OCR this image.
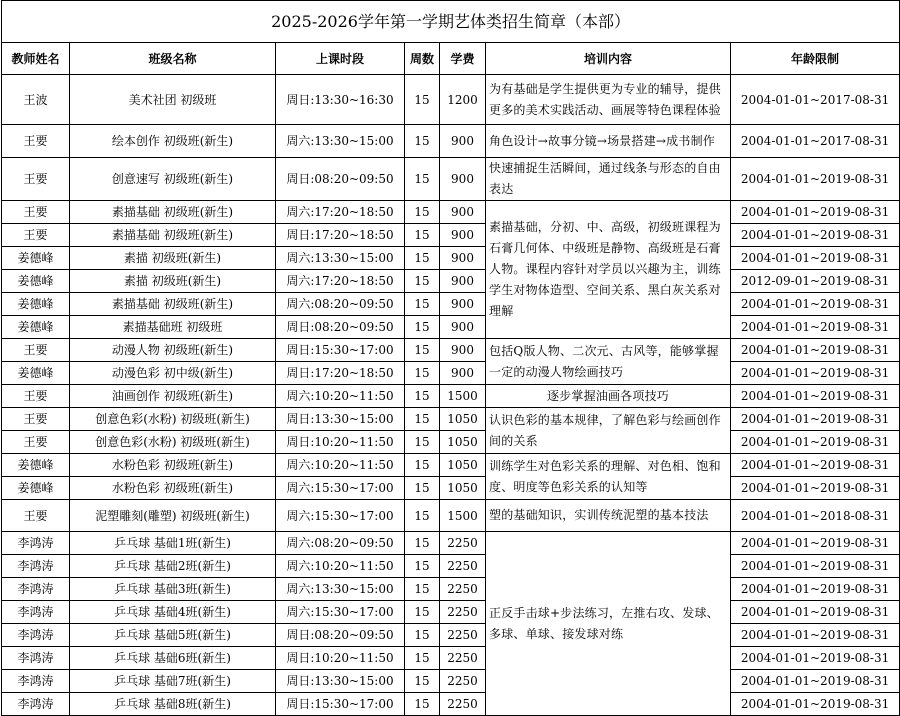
2025-2026学年第一学期艺体类招生简章（本部）						
教师姓名	班级名称	上课时段	周数	学费	培训内容	年龄限制
王波	美术社团 初级班	周日:13:30~16:30	15	1200	为有基础是学生提供更为专业的辅导，提供更多的美术实践活动、画展等特色课程体验	2004-01-01~2017-08-31
王要	绘本创作 初级班(新生)	周六:13:30~15:00	15	900	角色设计→故事分镜→场景搭建→成书制作	2004-01-01~2017-08-31
王要	创意速写 初级班(新生)	周日:08:20~09:50	15	900	快速捕捉生活瞬间，通过线条与形态的自由表达	2004-01-01~2019-08-31
王要	素描基础 初级班(新生)	周六:17:20~18:50	15	900	素描基础，分初、中、高级，初级班课程为石膏几何体、中级班是静物、高级班是石膏人物。课程内容针对学员以兴趣为主，训练学生对物体造型、空间关系、黑白灰关系对理解	2004-01-01~2019-08-31
王要	素描基础 初级班(新生)	周日:17:20~18:50	15	900		2004-01-01~2019-08-31
姜德峰	素描 初级班(新生)	周六:13:30~15:00	15	900		2004-01-01~2019-08-31
姜德峰	素描 初级班(新生)	周六:17:20~18:50	15	900		2012-09-01~2019-08-31
姜德峰	素描基础 初级班(新生)	周六:08:20~09:50	15	900		2004-01-01~2019-08-31
姜德峰	素描基础班 初级班	周日:08:20~09:50	15	900		2004-01-01~2019-08-31
王要	动漫人物 初级班(新生)	周日:15:30~17:00	15	900	包括Q版人物、二次元、古风等，能够掌握一定的动漫人物绘画技巧	2004-01-01~2019-08-31
姜德峰	动漫色彩 初中级(新生)	周日:17:20~18:50	15	900		2004-01-01~2019-08-31
王要	油画创作 初级班(新生)	周六:10:20~11:50	15	1500	逐步掌握油画各项技巧	2004-01-01~2019-08-31
王要	创意色彩(水粉) 初级班(新生)	周日:13:30~15:00	15	1050	认识色彩的基本规律，了解色彩与绘画创作间的关系	2004-01-01~2019-08-31
王要	创意色彩(水粉) 初级班(新生)	周日:10:20~11:50	15	1050		2004-01-01~2019-08-31
姜德峰	水粉色彩 初级班(新生)	周六:10:20~11:50	15	1050	训练学生对色彩关系的理解、对色相、饱和度、明度等色彩关系的认知等	2004-01-01~2019-08-31
姜德峰	水粉色彩 初级班(新生)	周六:15:30~17:00	15	1050		2004-01-01~2019-08-31
王要	泥塑雕刻(雕塑) 初级班(新生)	周六:15:30~17:00	15	1500	塑的基础知识，实训传统泥塑的基本技法	2004-01-01~2018-08-31
李鸿涛	乒乓球 基础1班(新生)	周六:08:20~09:50	15	2250	正反手击球+步法练习，左推右攻、发球、多球、单球、接发球对练	2004-01-01~2019-08-31
李鸿涛	乒乓球 基础2班(新生)	周六:10:20~11:50	15	2250		2004-01-01~2019-08-31
李鸿涛	乒乓球 基础3班(新生)	周六:13:30~15:00	15	2250		2004-01-01~2019-08-31
李鸿涛	乒乓球 基础4班(新生)	周六:15:30~17:00	15	2250		2004-01-01~2019-08-31
李鸿涛	乒乓球 基础5班(新生)	周日:08:20~09:50	15	2250		2004-01-01~2019-08-31
李鸿涛	乒乓球 基础6班(新生)	周日:10:20~11:50	15	2250		2004-01-01~2019-08-31
李鸿涛	乒乓球 基础7班(新生)	周日:13:30~15:00	15	2250		2004-01-01~2019-08-31
李鸿涛	乒乓球 基础8班(新生)	周日:15:30~17:00	15	2250		2004-01-01~2019-08-31
